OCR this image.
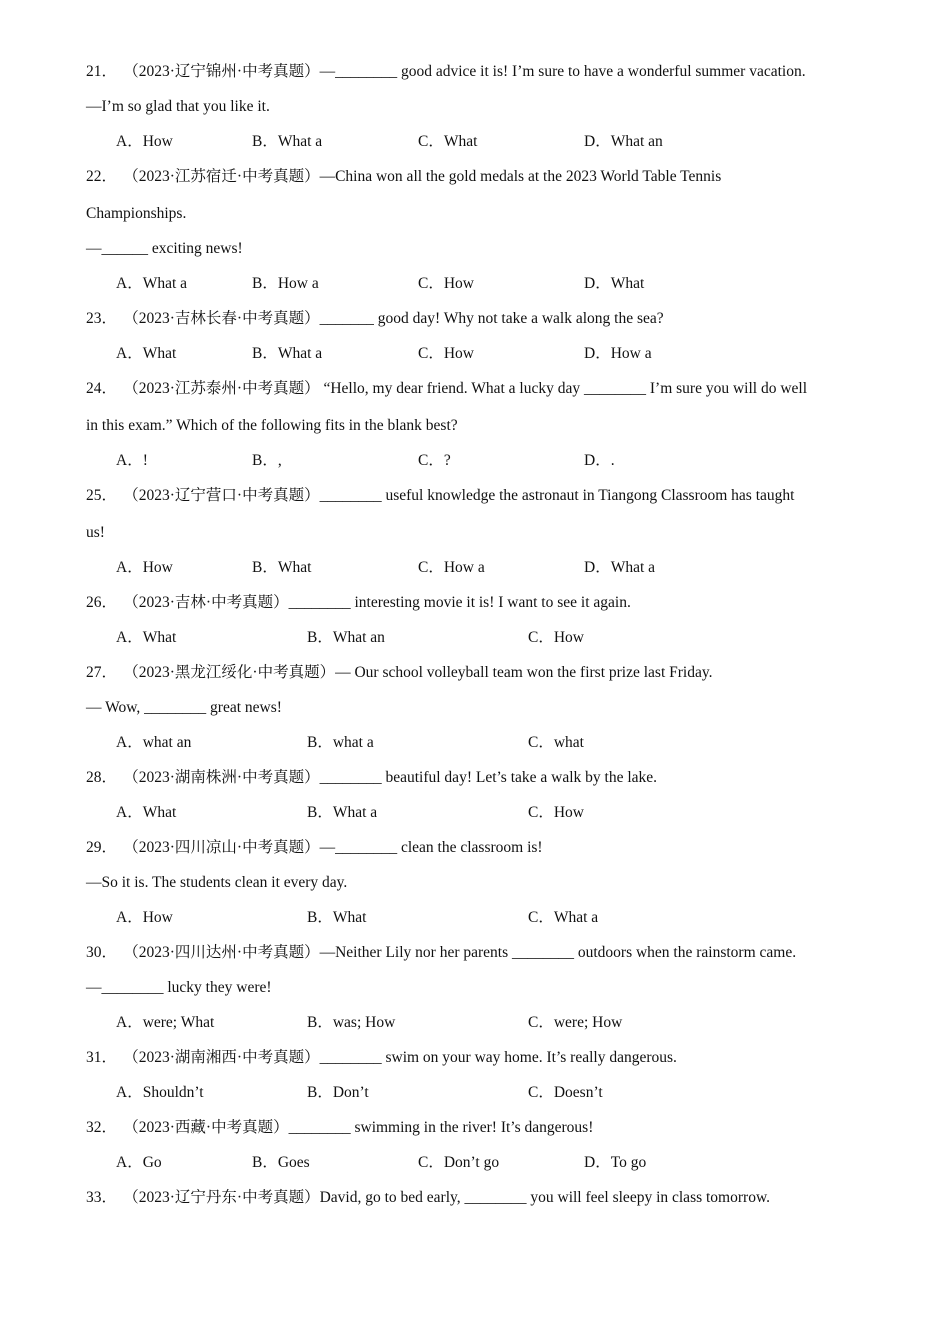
21． （2023·辽宁锦州·中考真题）—________ good advice it is! I’m sure to have a wonderful summer vacation.
—I’m so glad that you like it.
A．How	B．What a	C．What	D．What an
22． （2023·江苏宿迁·中考真题）—China won all the gold medals at the 2023 World Table Tennis
Championships.
—______ exciting news!
A．What a	B．How a	C．How	D．What
23． （2023·吉林长春·中考真题）_______ good day! Why not take a walk along the sea?
A．What	B．What a	C．How	D．How a
24． （2023·江苏泰州·中考真题） “Hello, my dear friend. What a lucky day ________ I’m sure you will do well
in this exam.” Which of the following fits in the blank best?
A．!	B．,	C．?	D．.
25． （2023·辽宁营口·中考真题）________ useful knowledge the astronaut in Tiangong Classroom has taught
us!
A．How	B．What	C．How a	D．What a
26． （2023·吉林·中考真题）________ interesting movie it is! I want to see it again.
A．What	B．What an	C．How
27． （2023·黑龙江绥化·中考真题）— Our school volleyball team won the first prize last Friday.
— Wow, ________ great news!
A．what an	B．what a	C．what
28． （2023·湖南株洲·中考真题）________ beautiful day! Let’s take a walk by the lake.
A．What	B．What a	C．How
29． （2023·四川凉山·中考真题）—________ clean the classroom is!
—So it is. The students clean it every day.
A．How	B．What	C．What a
30． （2023·四川达州·中考真题）—Neither Lily nor her parents ________ outdoors when the rainstorm came.
—________ lucky they were!
A．were; What	B．was; How	C．were; How
31． （2023·湖南湘西·中考真题）________ swim on your way home. It’s really dangerous.
A．Shouldn’t	B．Don’t	C．Doesn’t
32． （2023·西藏·中考真题）________ swimming in the river! It’s dangerous!
A．Go	B．Goes	C．Don’t go	D．To go
33． （2023·辽宁丹东·中考真题）David, go to bed early, ________ you will feel sleepy in class tomorrow.
